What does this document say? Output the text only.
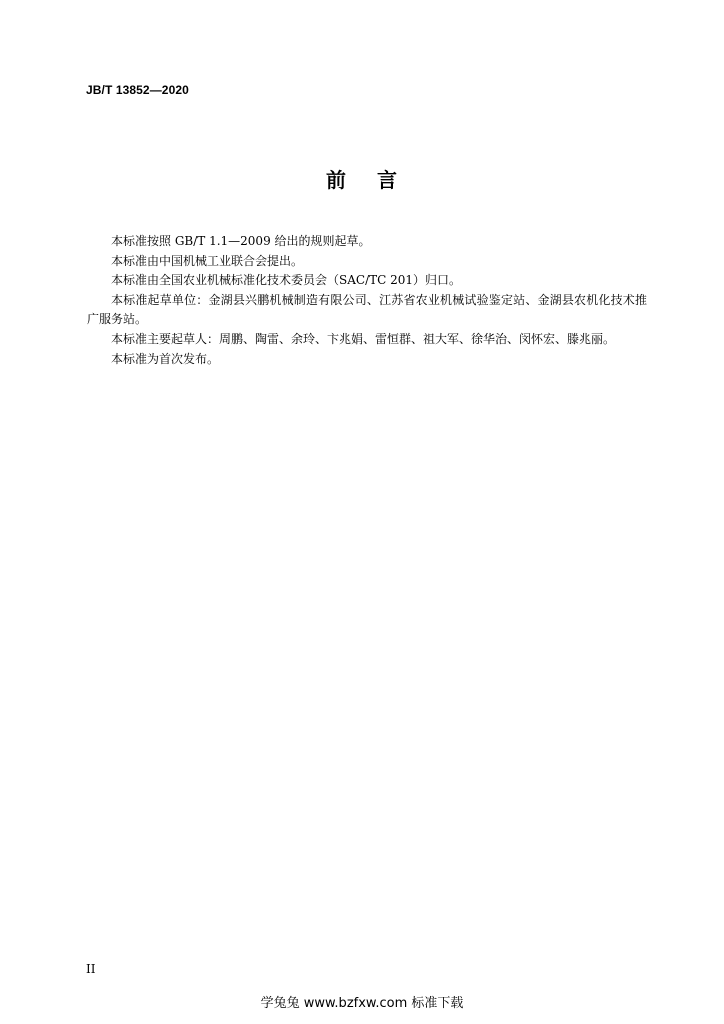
JB/T 13852—2020
前 言

本标准按照 GB/T 1.1—2009 给出的规则起草。

本标准由中国机械工业联合会提出。

本标准由全国农业机械标准化技术委员会（SAC/TC 201）归口。

本标准起草单位：金湖县兴鹏机械制造有限公司、江苏省农业机械试验鉴定站、金湖县农机化技术推广服务站。

本标准主要起草人：周鹏、陶雷、余玲、卞兆娟、雷恒群、祖大军、徐华治、闵怀宏、滕兆丽。

本标准为首次发布。

II
学兔兔 www.bzfxw.com 标准下载
